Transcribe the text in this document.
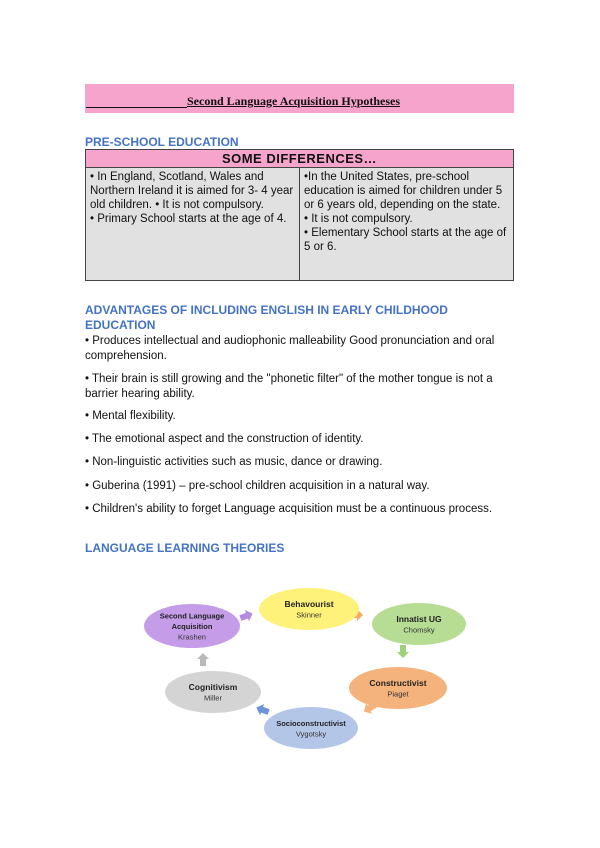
Second Language Acquisition Hypotheses
PRE-SCHOOL EDUCATION
SOME DIFFERENCES…

• In England, Scotland, Wales and Northern Ireland it is aimed for 3- 4 year old children. • It is not compulsory.
• Primary School starts at the age of 4.

•In the United States, pre-school education is aimed for children under 5 or 6 years old, depending on the state.
• It is not compulsory.
• Elementary School starts at the age of 5 or 6.
ADVANTAGES OF INCLUDING ENGLISH IN EARLY CHILDHOOD EDUCATION
• Produces intellectual and audiophonic malleability Good pronunciation and oral comprehension.
• Their brain is still growing and the "phonetic filter" of the mother tongue is not a barrier hearing ability.
• Mental flexibility.
• The emotional aspect and the construction of identity.
• Non-linguistic activities such as music, dance or drawing.
• Guberina (1991) – pre-school children acquisition in a natural way.
• Children's ability to forget Language acquisition must be a continuous process.
LANGUAGE LEARNING THEORIES
Behavourist
Skinner	Innatist UG
Chomsky
Constructivist
Piaget
Socioconstructivist
Vygotsky
Cognitivism
Miller
Second Language
Acquisition
Krashen
